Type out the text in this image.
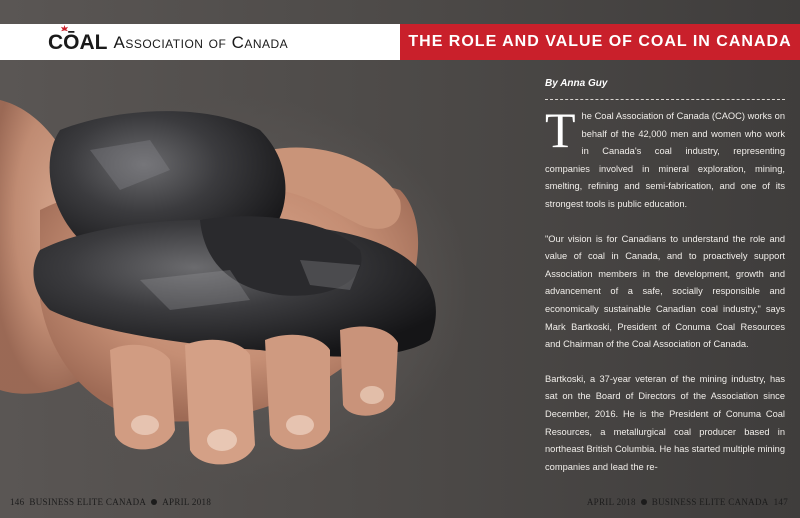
CŌAL Association of Canada	THE ROLE AND VALUE OF COAL IN CANADA
By Anna Guy

The Coal Association of Canada (CAOC) works on behalf of the 42,000 men and women who work in Canada's coal industry, representing companies involved in mineral exploration, mining, smelting, refining and semi-fabrication, and one of its strongest tools is public education.

"Our vision is for Canadians to understand the role and value of coal in Canada, and to proactively support Association members in the development, growth and advancement of a safe, socially responsible and economically sustainable Canadian coal industry," says Mark Bartkoski, President of Conuma Coal Resources and Chairman of the Coal Association of Canada.

Bartkoski, a 37-year veteran of the mining industry, has sat on the Board of Directors of the Association since December, 2016. He is the President of Conuma Coal Resources, a metallurgical coal producer based in northeast British Columbia. He has started multiple mining companies and lead the re-

146 BUSINESS ELITE CANADA APRIL 2018	APRIL 2018 BUSINESS ELITE CANADA 147
